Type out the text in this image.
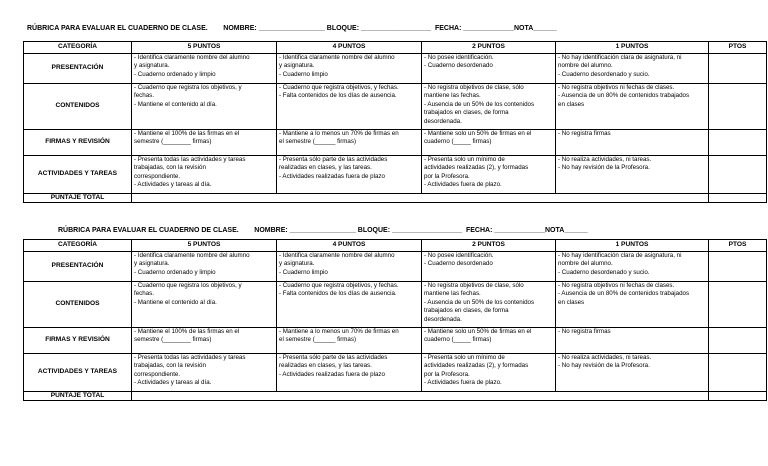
RÚBRICA PARA EVALUAR EL CUADERNO DE CLASE.        NOMBRE: _________________ BLOQUE: __________________  FECHA: _____________NOTA______
CATEGORÍA	5 PUNTOS	4 PUNTOS	2 PUNTOS	1 PUNTOS	PTOS
PRESENTACIÓN	- Identifica claramente nombre del alumno
y asignatura.
- Cuaderno ordenado y limpio	- Identifica claramente nombre del alumno
y asignatura.
- Cuaderno limpio	- No posee identificación.
- Cuaderno desordenado	- No hay identificación clara de asignatura, ni
nombre del alumno.
- Cuaderno desordenado y sucio.	

CONTENIDOS	- Cuaderno que registra los objetivos, y
fechas.
- Mantiene el contenido al día.	- Cuaderno que registra objetivos, y fechas.
- Falta contenidos de los días de ausencia.	- No registra objetivos de clase, sólo
mantiene las fechas.
- Ausencia de un 50% de los contenidos
trabajados en clases, de forma
desordenada.	- No registra objetivos ni fechas de clases.
- Ausencia de un 80% de contenidos trabajados
en clases	

FIRMAS Y REVISIÓN	- Mantiene el 100% de las firmas en el
semestre (________ firmas)	- Mantiene a lo menos un 70% de firmas en
el semestre (______ firmas)	- Mantiene solo un 50% de firmas en el
cuaderno (_____ firmas)	- No registra firmas	

ACTIVIDADES Y TAREAS	- Presenta todas las actividades y tareas
trabajadas, con la revisión
correspondiente.
- Actividades y tareas al día.	- Presenta sólo parte de las actividades
realizadas en clases, y las tareas.
- Actividades realizadas fuera de plazo	- Presenta solo un mínimo de
actividades realizadas (2), y formadas
por la Profesora.
- Actividades fuera de plazo.	- No realiza actividades, ni tareas.
- No hay revisión de la Profesora.	

PUNTAJE TOTAL					
RÚBRICA PARA EVALUAR EL CUADERNO DE CLASE.        NOMBRE: _________________ BLOQUE: __________________  FECHA: _____________NOTA______
CATEGORÍA	5 PUNTOS	4 PUNTOS	2 PUNTOS	1 PUNTOS	PTOS
PRESENTACIÓN	- Identifica claramente nombre del alumno
y asignatura.
- Cuaderno ordenado y limpio	- Identifica claramente nombre del alumno
y asignatura.
- Cuaderno limpio	- No posee identificación.
- Cuaderno desordenado	- No hay identificación clara de asignatura, ni
nombre del alumno.
- Cuaderno desordenado y sucio.	

CONTENIDOS	- Cuaderno que registra los objetivos, y
fechas.
- Mantiene el contenido al día.	- Cuaderno que registra objetivos, y fechas.
- Falta contenidos de los días de ausencia.	- No registra objetivos de clase, sólo
mantiene las fechas.
- Ausencia de un 50% de los contenidos
trabajados en clases, de forma
desordenada.	- No registra objetivos ni fechas de clases.
- Ausencia de un 80% de contenidos trabajados
en clases	

FIRMAS Y REVISIÓN	- Mantiene el 100% de las firmas en el
semestre (________ firmas)	- Mantiene a lo menos un 70% de firmas en
el semestre (______ firmas)	- Mantiene solo un 50% de firmas en el
cuaderno (_____ firmas)	- No registra firmas	

ACTIVIDADES Y TAREAS	- Presenta todas las actividades y tareas
trabajadas, con la revisión
correspondiente.
- Actividades y tareas al día.	- Presenta sólo parte de las actividades
realizadas en clases, y las tareas.
- Actividades realizadas fuera de plazo	- Presenta solo un mínimo de
actividades realizadas (2), y formadas
por la Profesora.
- Actividades fuera de plazo.	- No realiza actividades, ni tareas.
- No hay revisión de la Profesora.	

PUNTAJE TOTAL					
